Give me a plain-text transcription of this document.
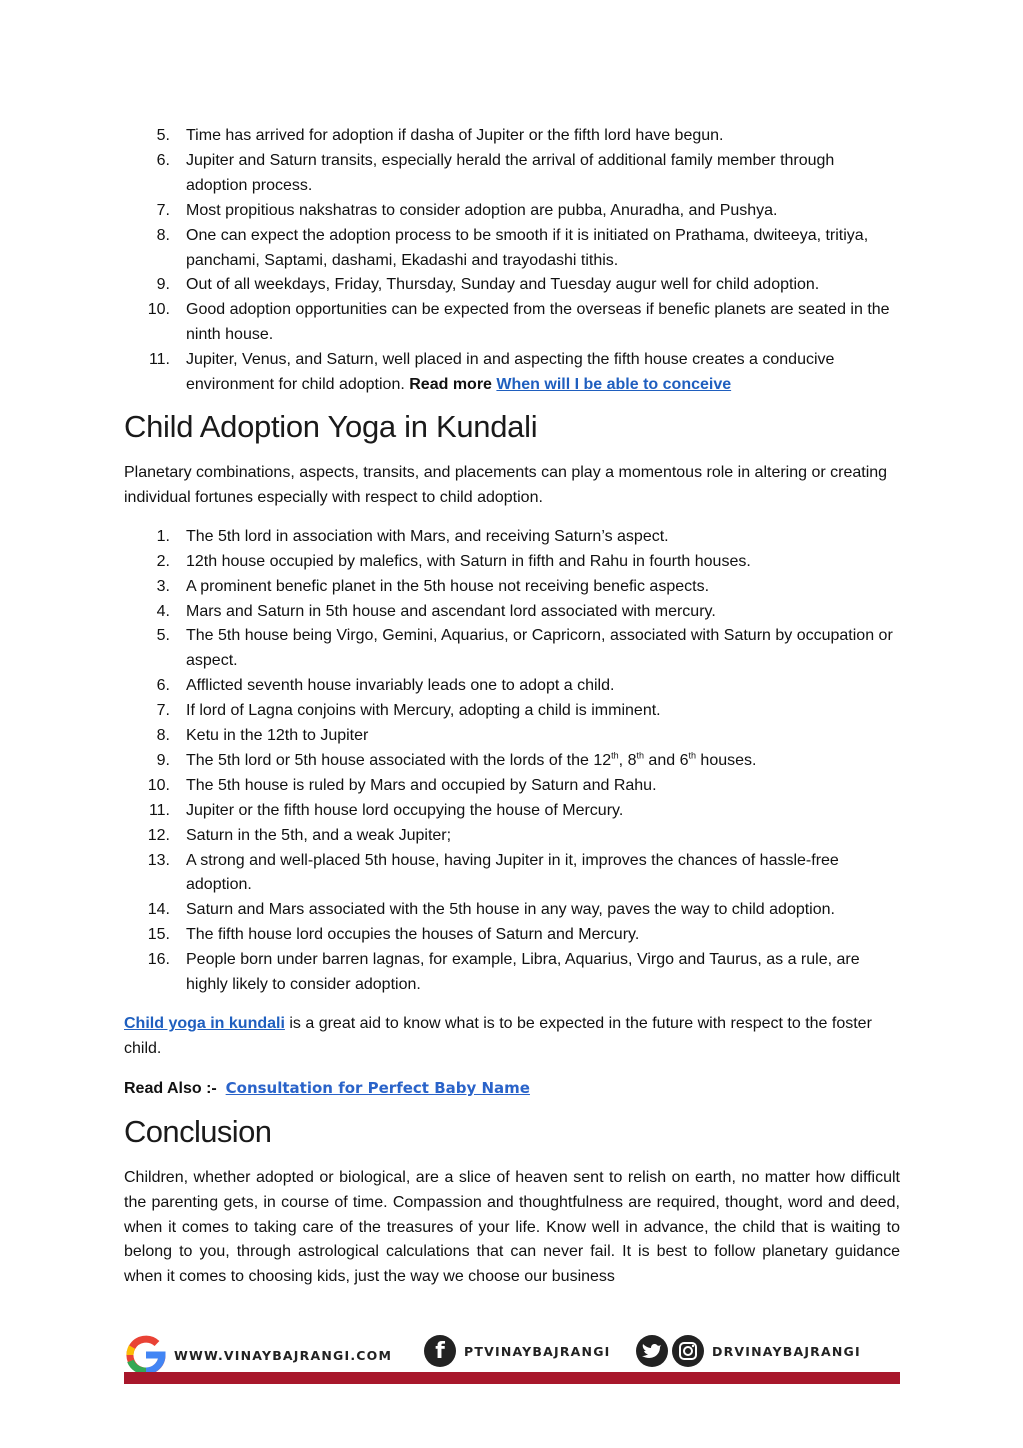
5. Time has arrived for adoption if dasha of Jupiter or the fifth lord have begun.
6. Jupiter and Saturn transits, especially herald the arrival of additional family member through adoption process.
7. Most propitious nakshatras to consider adoption are pubba, Anuradha, and Pushya.
8. One can expect the adoption process to be smooth if it is initiated on Prathama, dwiteeya, tritiya, panchami, Saptami, dashami, Ekadashi and trayodashi tithis.
9. Out of all weekdays, Friday, Thursday, Sunday and Tuesday augur well for child adoption.
10. Good adoption opportunities can be expected from the overseas if benefic planets are seated in the ninth house.
11. Jupiter, Venus, and Saturn, well placed in and aspecting the fifth house creates a conducive environment for child adoption. Read more When will I be able to conceive
Child Adoption Yoga in Kundali

Planetary combinations, aspects, transits, and placements can play a momentous role in altering or creating individual fortunes especially with respect to child adoption.

1. The 5th lord in association with Mars, and receiving Saturn’s aspect.
2. 12th house occupied by malefics, with Saturn in fifth and Rahu in fourth houses.
3. A prominent benefic planet in the 5th house not receiving benefic aspects.
4. Mars and Saturn in 5th house and ascendant lord associated with mercury.
5. The 5th house being Virgo, Gemini, Aquarius, or Capricorn, associated with Saturn by occupation or aspect.
6. Afflicted seventh house invariably leads one to adopt a child.
7. If lord of Lagna conjoins with Mercury, adopting a child is imminent.
8. Ketu in the 12th to Jupiter
9. The 5th lord or 5th house associated with the lords of the 12th, 8th and 6th houses.
10. The 5th house is ruled by Mars and occupied by Saturn and Rahu.
11. Jupiter or the fifth house lord occupying the house of Mercury.
12. Saturn in the 5th, and a weak Jupiter;
13. A strong and well-placed 5th house, having Jupiter in it, improves the chances of hassle-free adoption.
14. Saturn and Mars associated with the 5th house in any way, paves the way to child adoption.
15. The fifth house lord occupies the houses of Saturn and Mercury.
16. People born under barren lagnas, for example, Libra, Aquarius, Virgo and Taurus, as a rule, are highly likely to consider adoption.

Child yoga in kundali is a great aid to know what is to be expected in the future with respect to the foster child.

Read Also :- Consultation for Perfect Baby Name

Conclusion

Children, whether adopted or biological, are a slice of heaven sent to relish on earth, no matter how difficult the parenting gets, in course of time. Compassion and thoughtfulness are required, thought, word and deed, when it comes to taking care of the treasures of your life. Know well in advance, the child that is waiting to belong to you, through astrological calculations that can never fail. It is best to follow planetary guidance when it comes to choosing kids, just the way we choose our business

WWW.VINAYBAJRANGI.COM	f	PTVINAYBAJRANGI	DRVINAYBAJRANGI
